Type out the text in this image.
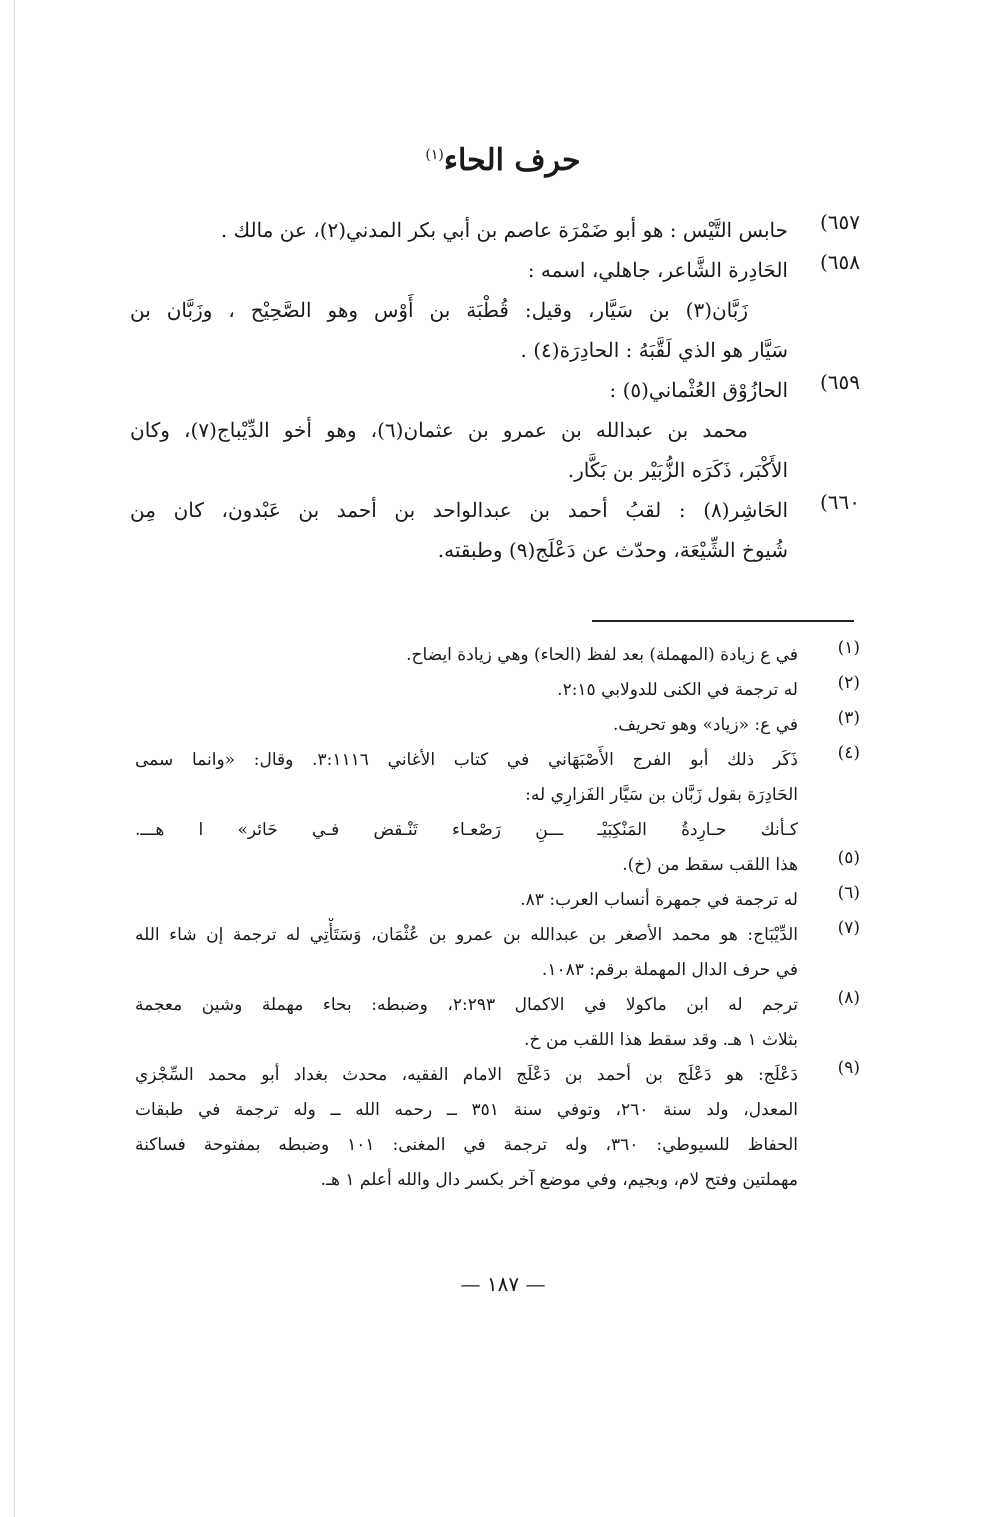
حرف الحاء$^{(١)}$
٦٥٧)
حابس التَّيْس : هو أبو ضَمْرَة عاصم بن أبي بكر المدني(٢)، عن مالك .
٦٥٨)
الحَادِرة الشَّاعر، جاهلي، اسمه :
زَبَّان(٣) بن سَيَّار، وقيل: قُطْبَة بن أَوْس وهو الصَّحِيْح ، وزَبَّان بن
سَيَّار هو الذي لَقَّبَهُ : الحادِرَة(٤) .
٦٥٩)
الحازُوْق العُثْماني(٥) :
محمد بن عبدالله بن عمرو بن عثمان(٦)، وهو أخو الدِّيْباج(٧)، وكان
الأَكْبَر، ذَكَرَه الزُّبَيْر بن بَكَّار.
٦٦٠)
الحَاشِر(٨) : لقبُ أحمد بن عبدالواحد بن أحمد بن عَبْدون، كان مِن
شُيوخ الشِّيْعَة، وحدّث عن دَعْلَج(٩) وطبقته.
(١)
في ع زيادة (المهملة) بعد لفظ (الحاء) وهي زيادة ايضاح.
(٢)
له ترجمة في الكنى للدولابي ٢:١٥.
(٣)
في ع: «زياد» وهو تحريف.
(٤)
ذَكَر ذلك أبو الفرج الأَصْبَهَاني في كتاب الأغاني ٣:١١١٦. وقال: «وانما سمى
الحَادِرَة بقول زَبَّان بن سَيَّار الفَزارِي له:
كـأنك حـارِدةُ المَنْكِبَيْـ ـــنِ رَصْعـاء تَنْـقض فـي حَائر» ا هـــ.
(٥)
هذا اللقب سقط من (خ).
(٦)
له ترجمة في جمهرة أنساب العرب: ٨٣.
(٧)
الدِّيْبَاج: هو محمد الأصغر بن عبدالله بن عمرو بن عُثْمَان، وَسَتَأْتِي له ترجمة إن شاء الله
في حرف الدال المهملة برقم: ١٠٨٣.
(٨)
ترجم له ابن ماكولا في الاكمال ٢:٢٩٣، وضبطه: بحاء مهملة وشين معجمة
بثلاث ١ هـ. وقد سقط هذا اللقب من خ.
(٩)
دَعْلَج: هو دَعْلَج بن أحمد بن دَعْلَج الامام الفقيه، محدث بغداد أبو محمد السِّجْزي
المعدل، ولد سنة ٢٦٠، وتوفي سنة ٣٥١ ــ رحمه الله ــ وله ترجمة في طبقات
الحفاظ للسيوطي: ٣٦٠، وله ترجمة في المغنى: ١٠١ وضبطه بمفتوحة فساكنة
مهملتين وفتح لام، وبجيم، وفي موضع آخر بكسر دال والله أعلم ١ هـ.
— ١٨٧ —
